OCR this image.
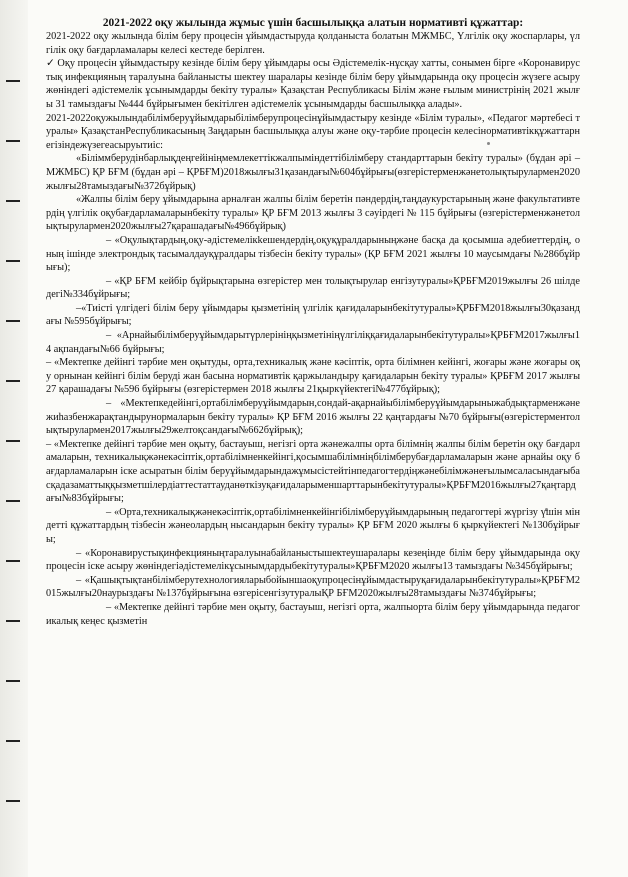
2021-2022 оқу жылында жұмыс үшін басшылыққа алатын нормативті құжаттар:

2021-2022 оқу жылында білім беру процесін ұйымдастыруда қолданыста болатын МЖМБС, Үлгілік оқу жоспарлары, үлгілік оқу бағдарламалары келесі кестеде берілген.

✓ Оқу процесін ұйымдастыру кезінде білім беру ұйымдары осы Әдістемелік-нұсқау хатты, сонымен бірге «Коронавирустық инфекцияның таралуына байланысты шектеу шаралары кезінде білім беру ұйымдарында оқу процесін жүзеге асыру жөніндегі әдістемелік ұсынымдарды бекіту туралы» Қазақстан Республикасы Білім және ғылым министрінің 2021 жылғы 31 тамыздағы №444 бұйрығымен бекітілген әдістемелік ұсынымдарды басшылыққа алады».

2021-2022оқужылындабілімберуұйымдарыбілімберупроцесінұйымдастыру кезінде «Білім туралы», «Педагог мәртебесі туралы» ҚазақстанРеспубликасының Заңдарын басшылыққа алуы және оқу-тәрбие процесін келесінормативтікқұжаттарнегізіндежүзегеасыруытиіс:

«Біліммберудінбарлықдеңгейініңмемлекеттікжалпыміндеттібілімберу стандарттарын бекіту туралы» (бұдан әрі – МЖМБС) ҚР БҒМ (бұдан әрі – ҚРБҒМ)2018жылғы31қазандағы№604бұйрығы(өзгерістерменжәнетолықтырулармен2020жылғы28тамыздағы№372бұйрық)

«Жалпы білім беру ұйымдарына арналған жалпы білім беретін пәндердің,таңдаукурстарының және факультативтердің үлгілік оқубағдарламаларынбекіту туралы» ҚР БҒМ 2013 жылғы 3 сәуірдегі № 115 бұйрығы (өзгерістерменжәнетолықтырулармен2020жылғы27қарашадағы№496бұйрық)

– «Оқулықтардың,оқу-әдістемелікkешендердің,оқуқұралдарыныңжәне басқа да қосымша әдебиеттердің, оның ішінде электрондық тасымалдауқұралдары тізбесін бекіту туралы» (ҚР БҒМ 2021 жылғы 10 маусымдағы №286бұйрығы);

– «ҚР БҒМ кейбір бұйрықтарына өзгерістер мен толықтырулар енгізутуралы»ҚРБҒМ2019жылғы 26 шілдедегі№334бұйрығы;

–«Тиісті үлгідегі білім беру ұйымдары қызметінің үлгілік қағидаларынбекітутуралы»ҚРБҒМ2018жылғы30қазандағы №595бұйрығы;

– «Арнайыбілімберуұйымдарытүрлерініңқызметініңүлгіліққағидаларынбекітутуралы»ҚРБҒМ2017жылғы14 ақпандағы№66 бұйрығы;

– «Мектепке дейінгі тәрбие мен оқытуды, орта,техникалық және кәсіптік, орта білімнен кейінгі, жоғары және жоғары оқу орнынан кейінгі білім беруді жан басына нормативтік қаржыландыру қағидаларын бекіту туралы» ҚРБҒМ 2017 жылғы 27 қарашадағы №596 бұйрығы (өзгерістермен 2018 жылғы 21қыркүйектегі№477бұйрық);

– «Мектепкедейінгі,ортабілімберуұйымдарын,сондай-ақарнайыбілімберуұйымдарыныжабдықтарменжәнежиһазбенжарақтандырунормаларын бекіту туралы» ҚР БҒМ 2016 жылғы 22 қаңтардағы №70 бұйрығы(өзгерістерментолықтырулармен2017жылғы29желтоқсандағы№662бұйрық);

– «Мектепке дейінгі тәрбие мен оқыту, бастауыш, негізгі орта жәнежалпы орта білімнің жалпы білім беретін оқу бағдарламаларын, техникалықжәнекәсіптік,ортабілімненкейінгі,қосымшабілімніңбілімберубағдарламаларын және арнайы оқу бағдарламаларын іске асыратын білім беруұйымдарындажұмысістейтінпедагогтердіңжәнебілімжәнеғылымсаласындағыбасқадазаматтыққызметшілердіаттестаттауданөткізуқағидаларыменшарттарынбекітутуралы»ҚРБҒМ2016жылғы27қаңтардағы№83бұйрығы;

– «Орта,техникалықжәнекәсіптік,ортабілімненкейінгібілімберуұйымдарының педагогтері жүргізу үшін міндетті құжаттардың тізбесін жәнеолардың нысандарын бекіту туралы» ҚР БҒМ 2020 жылғы 6 қыркүйектегі №130бұйрығы;

– «Коронавирустықинфекцияныңтаралуынабайланыстышектеушаралары кезеңінде білім беру ұйымдарында оқу процесін іске асыру жөніндегіәдістемелікұсынымдардыбекітутуралы»ҚРБҒМ2020 жылғы13 тамыздағы №345бұйрығы;

– «Қашықтықтанбілімберутехнологияларыбойыншаоқупроцесінұйымдастыруқағидаларынбекітутуралы»ҚРБҒМ2015жылғы20наурыздағы №137бұйрығына өзгерісенгізутуралыҚР БҒМ2020жылғы28тамыздағы №374бұйрығы;

– «Мектепке дейінгі тәрбие мен оқыту, бастауыш, негізгі орта, жалпыорта білім беру ұйымдарында педагогикалық кеңес қызметін
